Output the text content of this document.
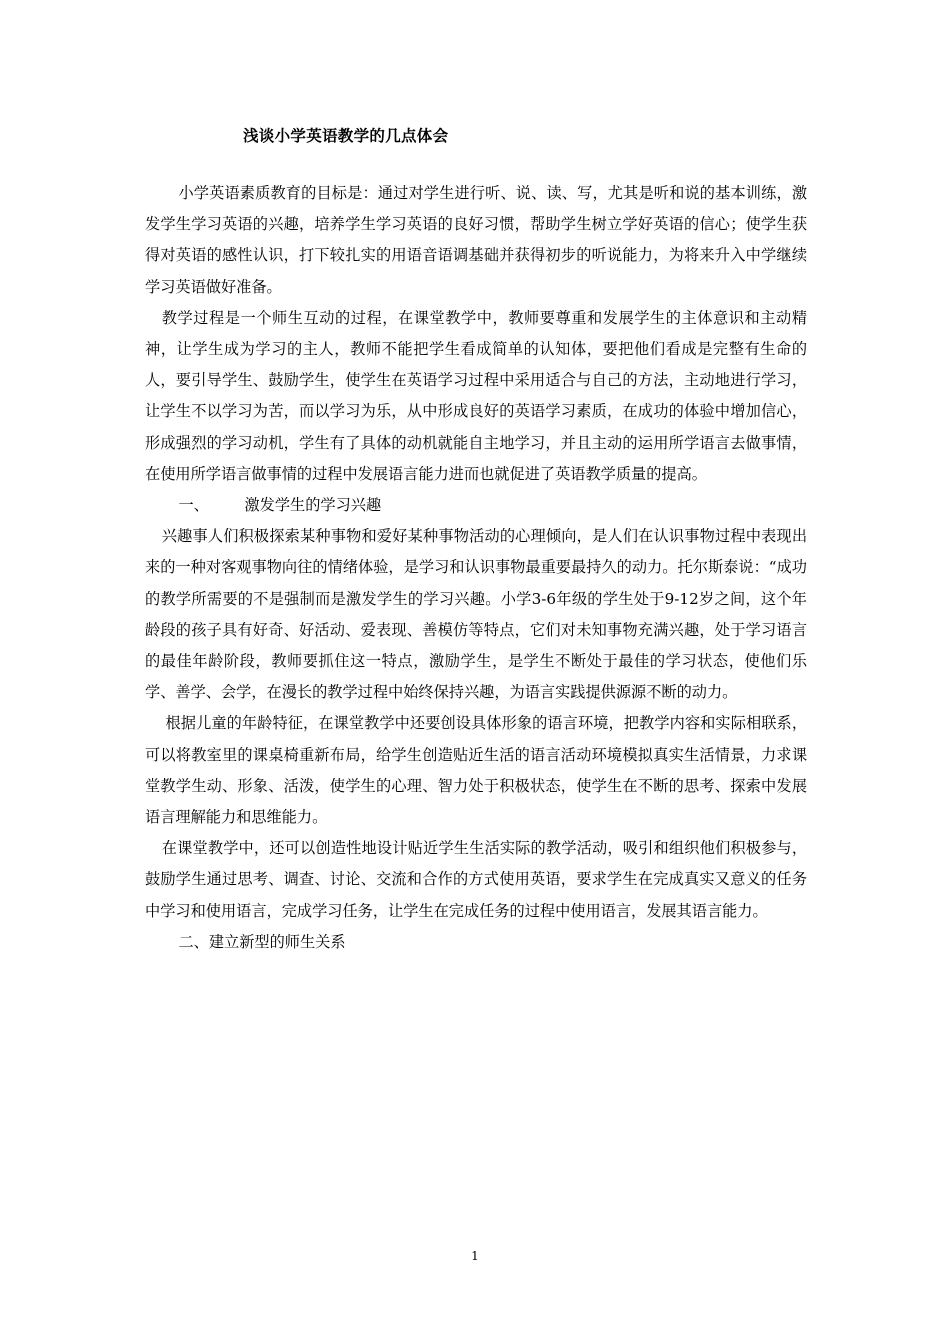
浅谈小学英语教学的几点体会

小学英语素质教育的目标是：通过对学生进行听、说、读、写，尤其是听和说的基本训练，激发学生学习英语的兴趣，培养学生学习英语的良好习惯，帮助学生树立学好英语的信心；使学生获得对英语的感性认识，打下较扎实的用语音语调基础并获得初步的听说能力，为将来升入中学继续学习英语做好准备。

教学过程是一个师生互动的过程，在课堂教学中，教师要尊重和发展学生的主体意识和主动精神，让学生成为学习的主人，教师不能把学生看成简单的认知体，要把他们看成是完整有生命的人，要引导学生、鼓励学生，使学生在英语学习过程中采用适合与自己的方法，主动地进行学习，让学生不以学习为苦，而以学习为乐，从中形成良好的英语学习素质，在成功的体验中增加信心，形成强烈的学习动机，学生有了具体的动机就能自主地学习，并且主动的运用所学语言去做事情，在使用所学语言做事情的过程中发展语言能力进而也就促进了英语教学质量的提高。

一、 激发学生的学习兴趣

兴趣事人们积极探索某种事物和爱好某种事物活动的心理倾向，是人们在认识事物过程中表现出来的一种对客观事物向往的情绪体验，是学习和认识事物最重要最持久的动力。托尔斯泰说：“成功的教学所需要的不是强制而是激发学生的学习兴趣。小学3-6年级的学生处于9-12岁之间，这个年龄段的孩子具有好奇、好活动、爱表现、善模仿等特点，它们对未知事物充满兴趣，处于学习语言的最佳年龄阶段，教师要抓住这一特点，激励学生，是学生不断处于最佳的学习状态，使他们乐学、善学、会学，在漫长的教学过程中始终保持兴趣，为语言实践提供源源不断的动力。

根据儿童的年龄特征，在课堂教学中还要创设具体形象的语言环境，把教学内容和实际相联系，可以将教室里的课桌椅重新布局，给学生创造贴近生活的语言活动环境模拟真实生活情景，力求课堂教学生动、形象、活泼，使学生的心理、智力处于积极状态，使学生在不断的思考、探索中发展语言理解能力和思维能力。

在课堂教学中，还可以创造性地设计贴近学生生活实际的教学活动，吸引和组织他们积极参与，鼓励学生通过思考、调查、讨论、交流和合作的方式使用英语，要求学生在完成真实又意义的任务中学习和使用语言，完成学习任务，让学生在完成任务的过程中使用语言，发展其语言能力。

二、建立新型的师生关系

1
